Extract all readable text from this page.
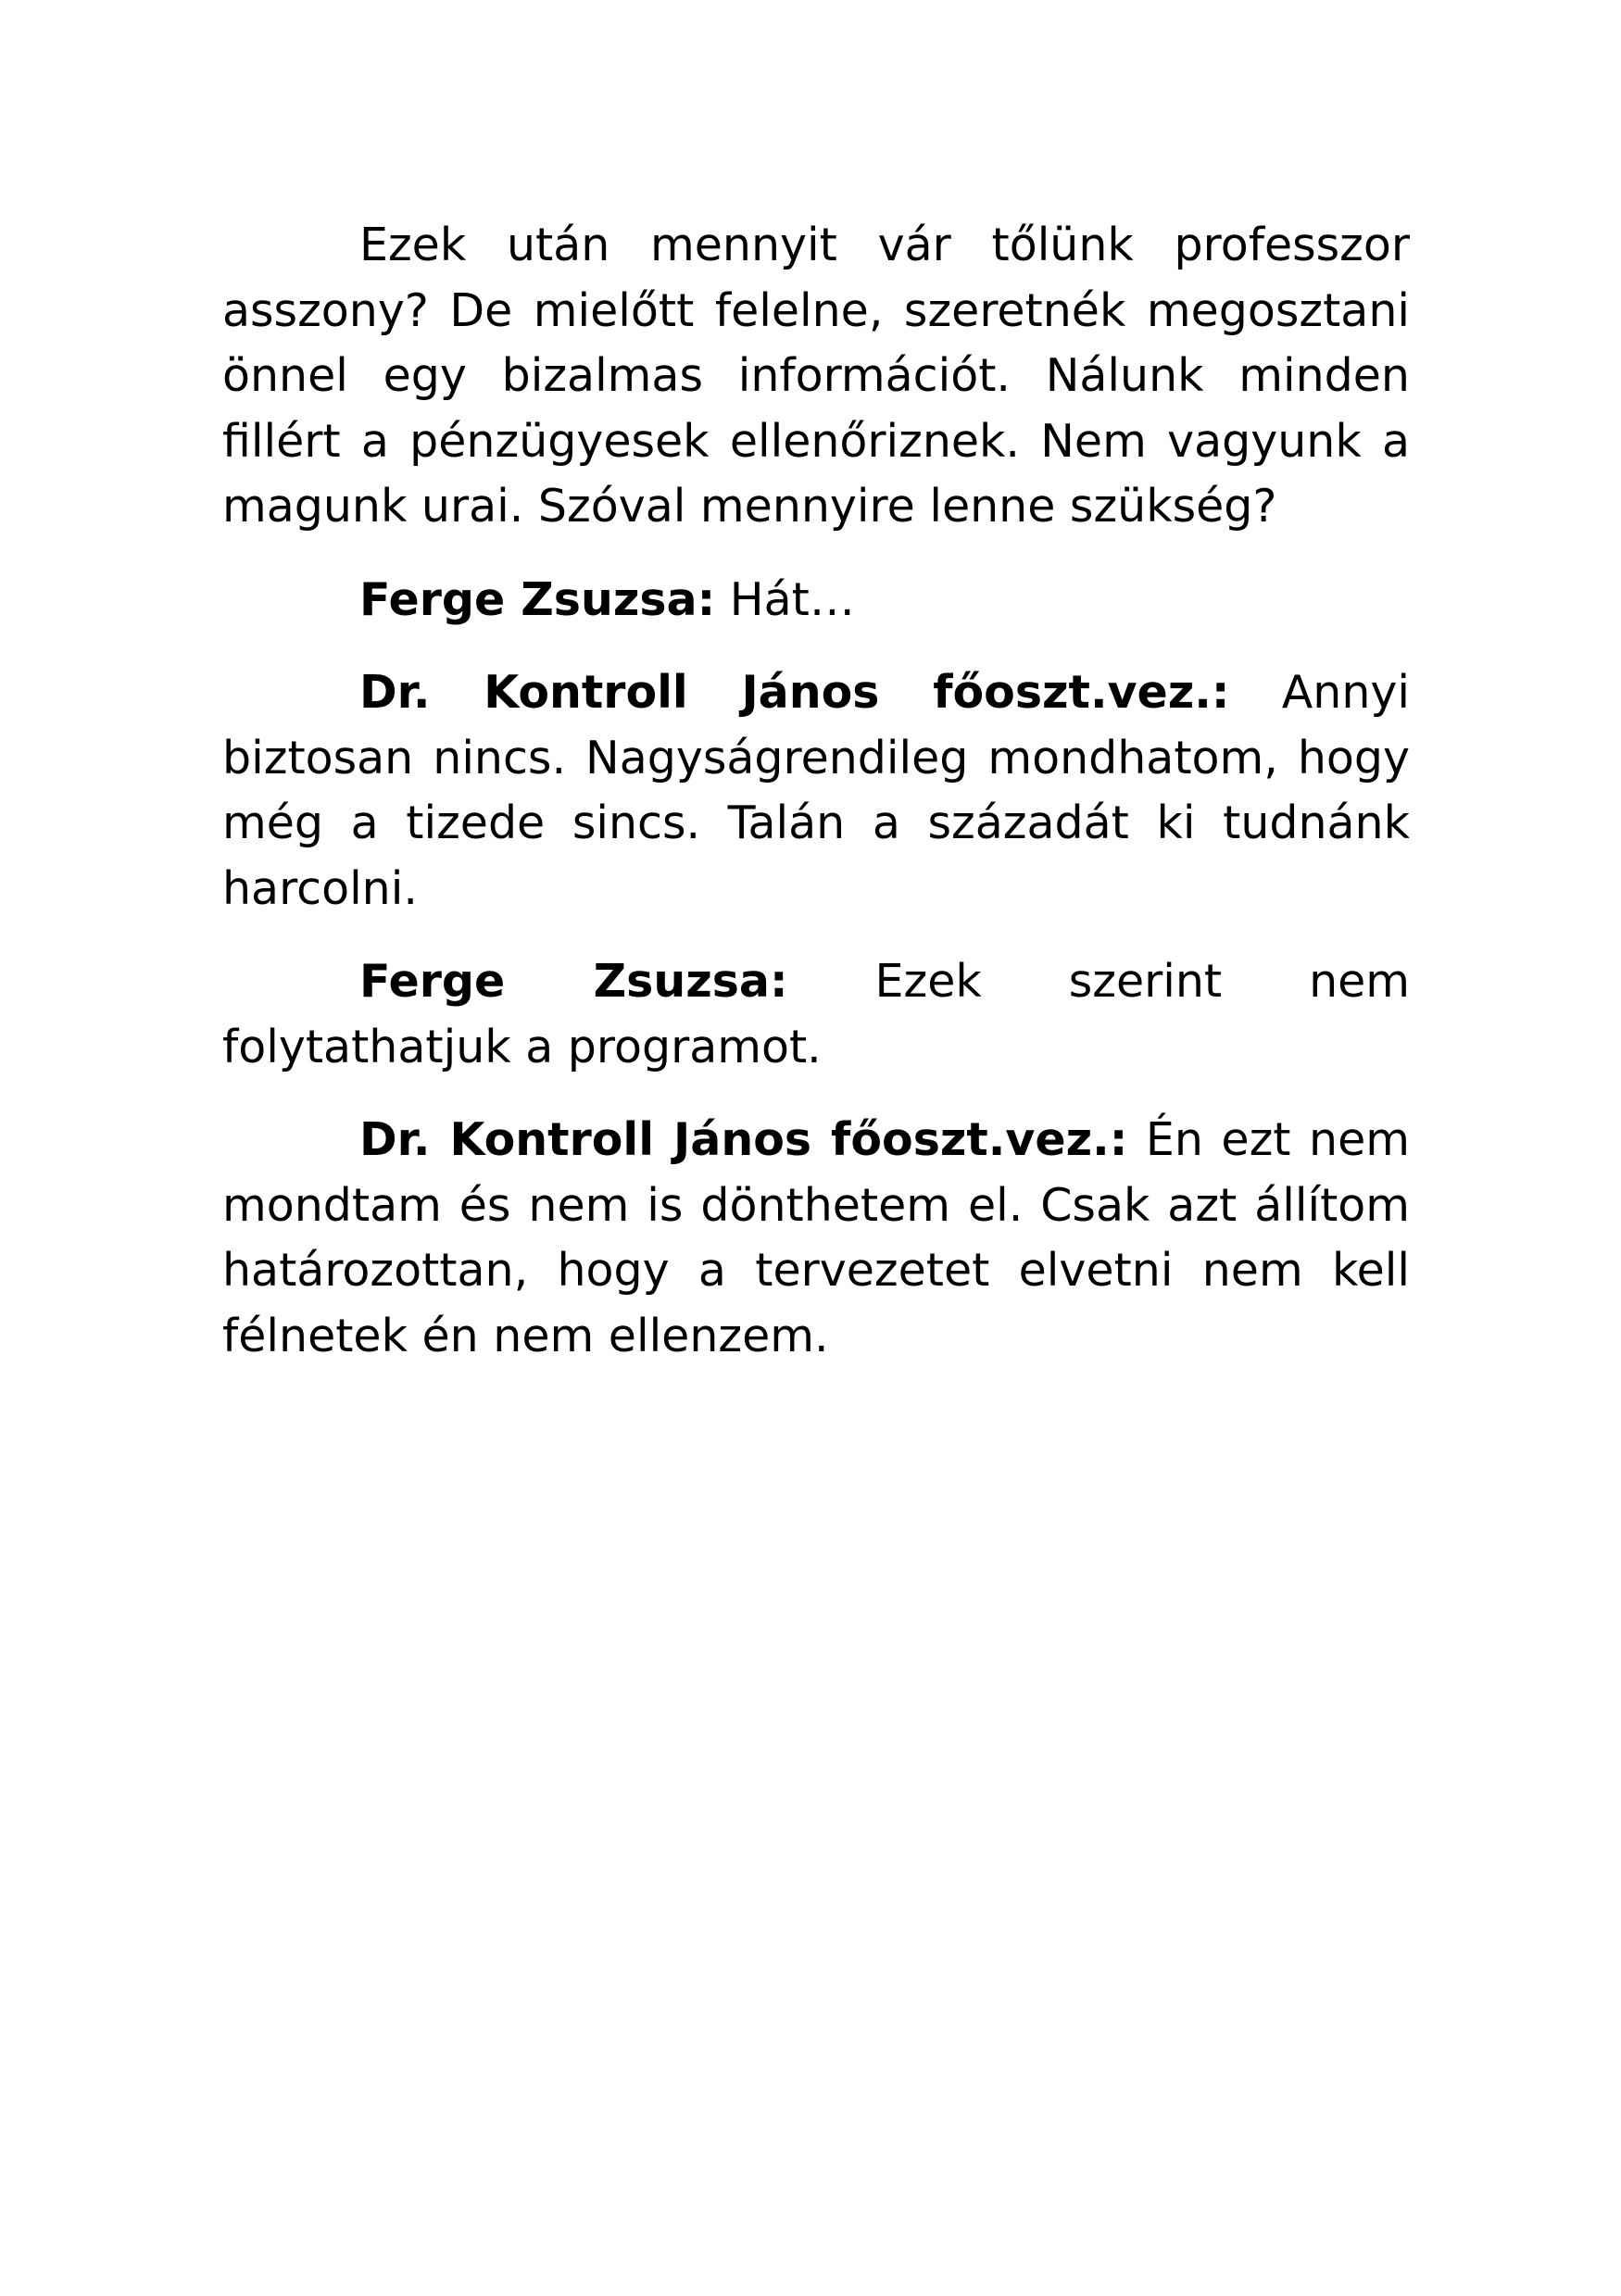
Ezek után mennyit vár tőlünk professzor asszony? De mielőtt felelne, szeretnék megosztani önnel egy bizalmas információt. Nálunk minden fillért a pénzügyesek ellenőriznek. Nem vagyunk a magunk urai. Szóval mennyire lenne szükség?

Ferge Zsuzsa: Hát…

Dr. Kontroll János főoszt.vez.: Annyi biztosan nincs. Nagyságrendileg mondhatom, hogy még a tizede sincs. Talán a századát ki tudnánk harcolni.

Ferge Zsuzsa: Ezek szerint nem folytathatjuk a programot.

Dr. Kontroll János főoszt.vez.: Én ezt nem mondtam és nem is dönthetem el. Csak azt állítom határozottan, hogy a tervezetet elvetni nem kell félnetek én nem ellenzem.
